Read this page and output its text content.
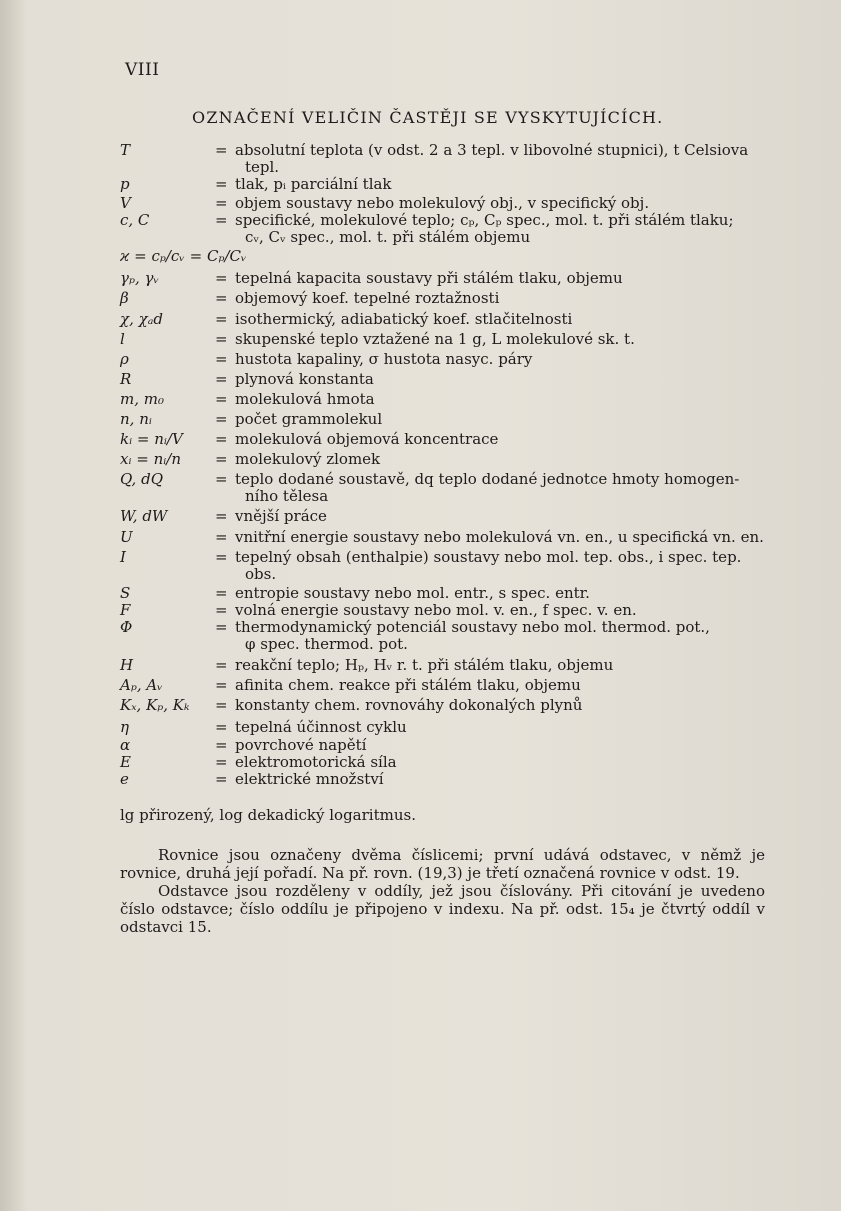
VIII
OZNAČENÍ VELIČIN ČASTĚJI SE VYSKYTUJÍCÍCH.
T	= absolutní teplota (v odst. 2 a 3 tepl. v libovolné stupnici), t Celsiova
tepl.
p	= tlak, pᵢ parciální tlak
V	= objem soustavy nebo molekulový obj., v specifický obj.
c, C	= specifické, molekulové teplo; cₚ, Cₚ spec., mol. t. při stálém tlaku;
cᵥ, Cᵥ spec., mol. t. při stálém objemu
ϰ = cₚ/cᵥ = Cₚ/Cᵥ
γₚ, γᵥ	= tepelná kapacita soustavy při stálém tlaku, objemu
β	= objemový koef. tepelné roztažnosti
χ, χₐd	= isothermický, adiabatický koef. stlačitelnosti
l	= skupenské teplo vztažené na 1 g, L molekulové sk. t.
ρ	= hustota kapaliny, σ hustota nasyc. páry
R	= plynová konstanta
m, m₀	= molekulová hmota
n, nᵢ	= počet grammolekul
kᵢ = nᵢ/V = molekulová objemová koncentrace
xᵢ = nᵢ/n = molekulový zlomek
Q, dQ	= teplo dodané soustavě, dq teplo dodané jednotce hmoty homogen-
ního tělesa
W, dW	= vnější práce
U	= vnitřní energie soustavy nebo molekulová vn. en., u specifická vn. en.
I	= tepelný obsah (enthalpie) soustavy nebo mol. tep. obs., i spec. tep.
obs.
S	= entropie soustavy nebo mol. entr., s spec. entr.
F	= volná energie soustavy nebo mol. v. en., f spec. v. en.
Φ	= thermodynamický potenciál soustavy nebo mol. thermod. pot.,
φ spec. thermod. pot.
H	= reakční teplo; Hₚ, Hᵥ r. t. při stálém tlaku, objemu
Aₚ, Aᵥ	= afinita chem. reakce při stálém tlaku, objemu
Kₓ, Kₚ, Kₖ = konstanty chem. rovnováhy dokonalých plynů
η	= tepelná účinnost cyklu
α	= povrchové napětí
E	= elektromotorická síla
e	= elektrické množství
lg přirozený, log dekadický logaritmus.
Rovnice jsou označeny dvěma číslicemi; první udává odstavec, v němž je rovnice, druhá její pořadí. Na př. rovn. (19,3) je třetí označená rovnice v odst. 19.
Odstavce jsou rozděleny v oddíly, jež jsou číslovány. Při citování je uvedeno číslo odstavce; číslo oddílu je připojeno v indexu. Na př. odst. 15₄ je čtvrtý oddíl v odstavci 15.
